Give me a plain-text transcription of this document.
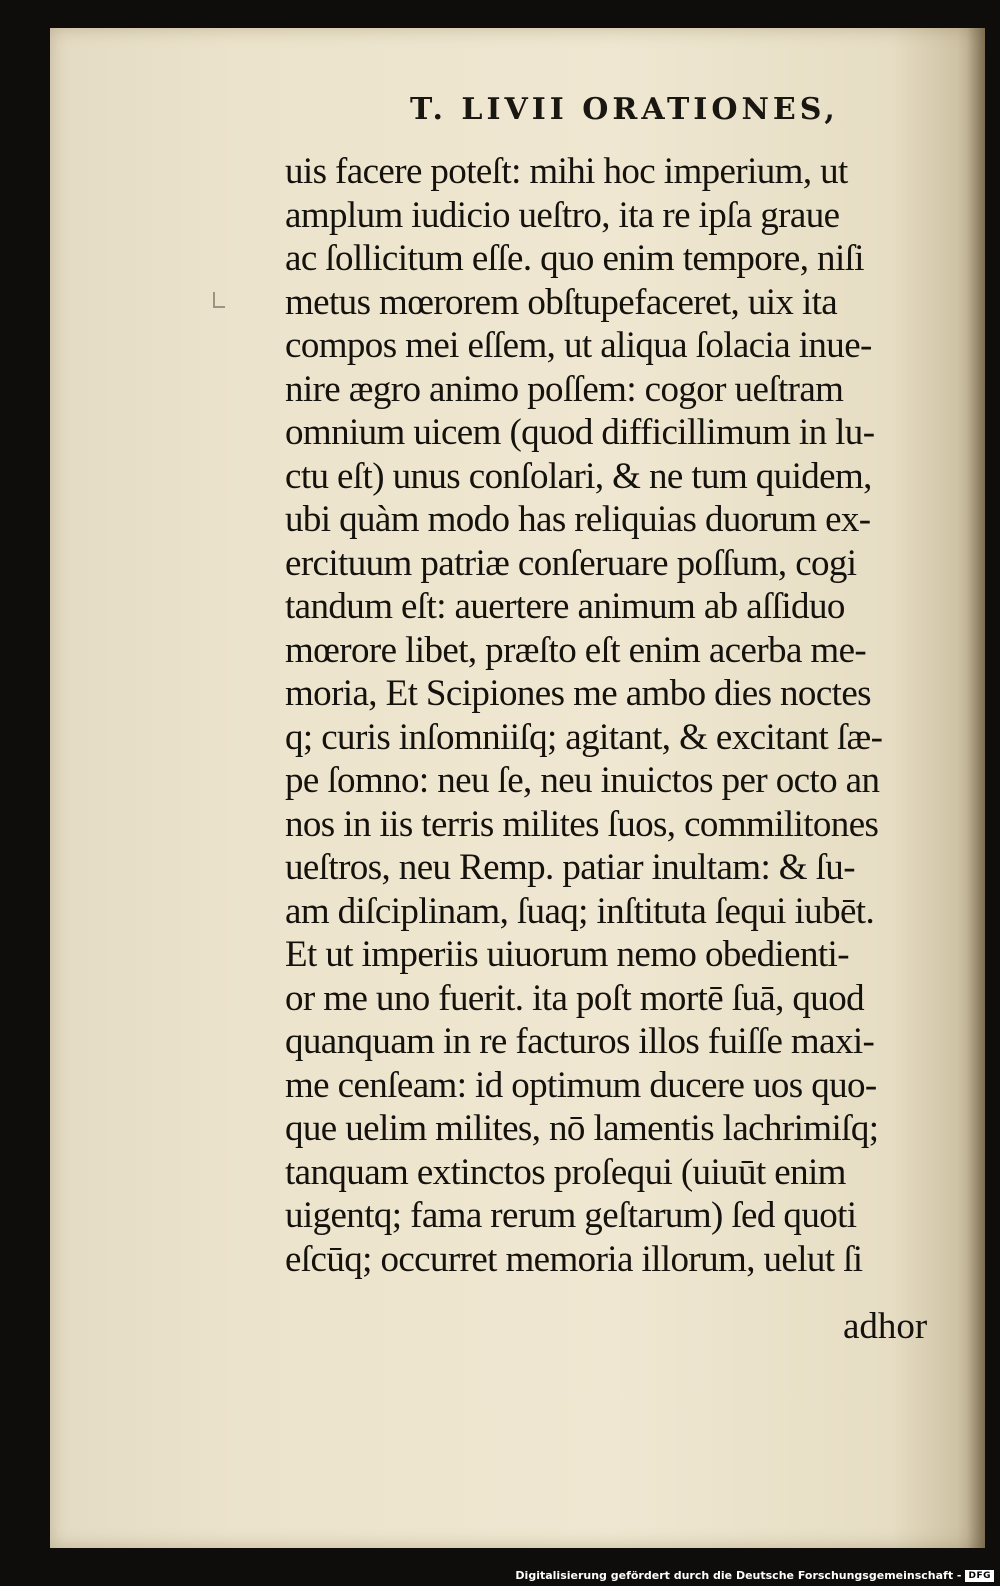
T. LIVII ORATIONES,
uis facere poteſt: mihi hoc imperium, ut
amplum iudicio ueſtro, ita re ipſa graue
ac ſollicitum eſſe. quo enim tempore, niſi
metus mœrorem obſtupefaceret, uix ita
compos mei eſſem, ut aliqua ſolacia inue-
nire ægro animo poſſem: cogor ueſtram
omnium uicem (quod difficillimum in lu-
ctu eſt) unus conſolari, & ne tum quidem,
ubi quàm modo has reliquias duorum ex-
ercituum patriæ conſeruare poſſum, cogi
tandum eſt: auertere animum ab aſſiduo
mœrore libet, præſto eſt enim acerba me-
moria, Et Scipiones me ambo dies noctes
q; curis inſomniiſq; agitant, & excitant ſæ-
pe ſomno: neu ſe, neu inuictos per octo an
nos in iis terris milites ſuos, commilitones
ueſtros, neu Remp. patiar inultam: & ſu-
am diſciplinam, ſuaq; inſtituta ſequi iubēt.
Et ut imperiis uiuorum nemo obedienti-
or me uno fuerit. ita poſt mortē ſuā, quod
quanquam in re facturos illos fuiſſe maxi-
me cenſeam: id optimum ducere uos quo-
que uelim milites, nō lamentis lachrimiſq;
tanquam extinctos proſequi (uiuūt enim
uigentq; fama rerum geſtarum) ſed quoti
eſcūq; occurret memoria illorum, uelut ſi
adhor
Digitalisierung gefördert durch die Deutsche Forschungsgemeinschaft - DFG
